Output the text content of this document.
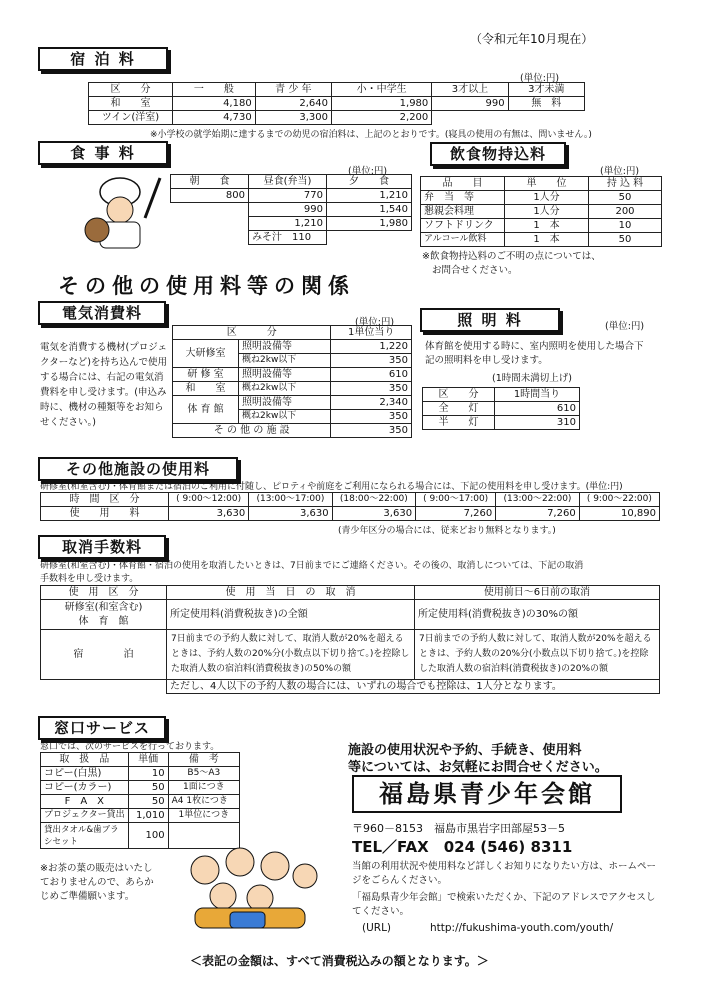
（令和元年10月現在）
宿 泊 料
(単位:円)
区　　分	一　　般	青 少 年	小・中学生	3才以上	3才未満
和　　室	4,180	2,640	1,980	990	無　料
ツイン(洋室)	4,730	3,300	2,200		
※小学校の就学始期に達するまでの幼児の宿泊料は、上記のとおりです。(寝具の使用の有無は、問いません。)
食 事 料
(単位:円)
朝　　食	昼食(弁当)	夕　　食
800	770	1,210
	990	1,540
	1,210	1,980
	みそ汁　110	
飲食物持込料
(単位:円)
品　　目	単　　位	持 込 料
弁　当　等	1人分	50
懇親会料理	1人分	200
ソフトドリンク	1　本	10
アルコール飲料	1　本	50
※飲食物持込料のご不明の点については、
お問合せください。
その他の使用料等の関係
電気消費料
(単位:円)
電気を消費する機材(プロジェクターなど)を持ち込んで使用する場合には、右記の電気消費料を申し受けます。(申込み時に、機材の種類等をお知らせください。)
区　　　分		1単位当り
大研修室	照明設備等	1,220
	概ね2kw以下	350
研 修 室	照明設備等	610
和　　室	概ね2kw以下	350
体 育 館	照明設備等	2,340
	概ね2kw以下	350
そ の 他 の 施 設		350
照 明 料	(単位:円)
体育館を使用する時に、室内照明を使用した場合下記の照明料を申し受けます。
(1時間未満切上げ)
区　　分	1時間当り
全　　灯	610
半　　灯	310
その他施設の使用料
研修室(和室含む)・体育館または宿泊のご利用に付随し、ピロティや前庭をご利用になられる場合には、下記の使用料を申し受けます。(単位:円)
時　間　区　分	( 9:00～12:00)	(13:00～17:00)	(18:00～22:00)	( 9:00～17:00)	(13:00～22:00)	( 9:00～22:00)
使　　用　　料	3,630	3,630	3,630	7,260	7,260	10,890
(青少年区分の場合には、従来どおり無料となります。)
取消手数料
研修室(和室含む)・体育館・宿泊の使用を取消したいときは、7日前までにご連絡ください。その後の、取消しについては、下記の取消
手数料を申し受けます。
使　用　区　分	使　用　当　日　の　取　消	使用前日～6日前の取消

研修室(和室含む)
体　育　館	所定使用料(消費税抜き)の全額	所定使用料(消費税抜き)の30%の額
宿　　　　泊	7日前までの予約人数に対して、取消人数が20%を超えるときは、予約人数の20%分(小数点以下切り捨て。)を控除した取消人数の宿泊料(消費税抜き)の50%の額	7日前までの予約人数に対して、取消人数が20%を超えるときは、予約人数の20%分(小数点以下切り捨て。)を控除した取消人数の宿泊料(消費税抜き)の20%の額
	ただし、4人以下の予約人数の場合には、いずれの場合でも控除は、1人分となります。	
窓口サービス
窓口では、次のサービスを行っております。
取　扱　品	単価	備　考
コピー(白黒)	10	B5～A3
コピー(カラー)	50	1面につき
F　A　X	50	A4 1枚につき
プロジェクター貸出	1,010	1単位につき
貸出タオル&歯ブラシセット	100	
※お茶の葉の販売はいたしておりませんので、あらかじめご準備願います。
施設の使用状況や予約、手続き、使用料
等については、お気軽にお問合せください。
福島県青少年会館
〒960－8153　福島市黒岩字田部屋53－5
TEL／FAX　024 (546) 8311
当館の利用状況や使用料など詳しくお知りになりたい方は、ホームページをごらんください。
「福島県青少年会館」で検索いただくか、下記のアドレスでアクセスしてください。
(URL)	http://fukushima-youth.com/youth/
＜表記の金額は、すべて消費税込みの額となります。＞
